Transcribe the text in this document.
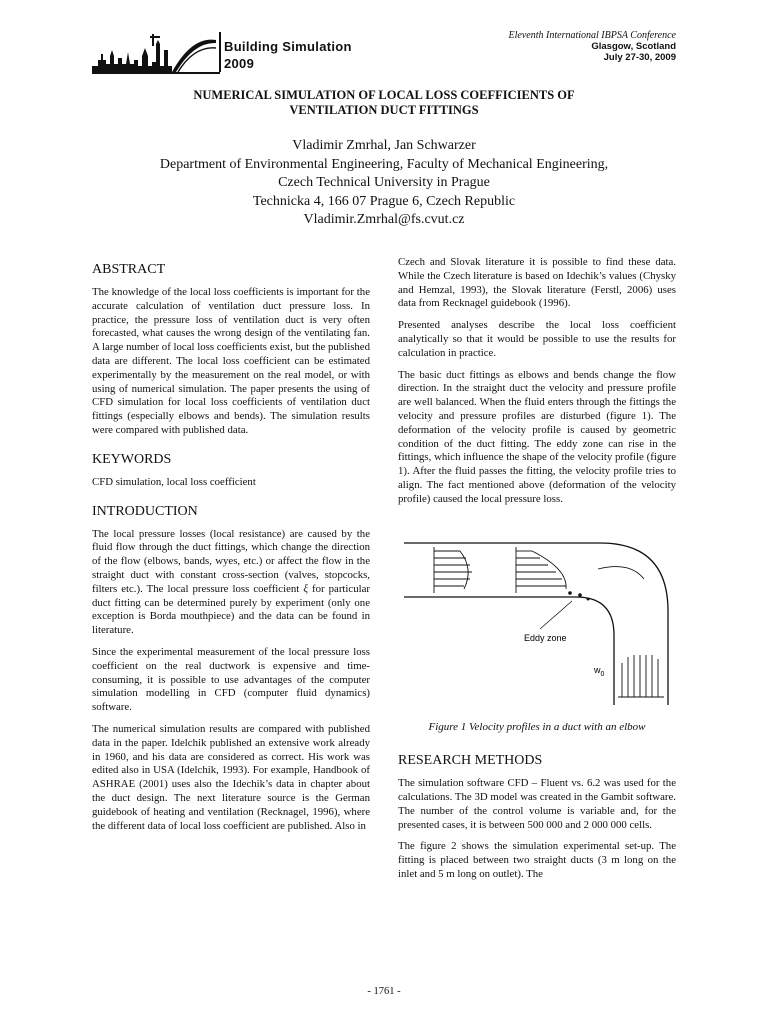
Building Simulation
2009
Eleventh International IBPSA Conference
Glasgow, Scotland
July 27-30, 2009
NUMERICAL SIMULATION OF LOCAL LOSS COEFFICIENTS OF
VENTILATION DUCT FITTINGS
Vladimir Zmrhal, Jan Schwarzer
Department of Environmental Engineering, Faculty of Mechanical Engineering,
Czech Technical University in Prague
Technicka 4, 166 07 Prague 6, Czech Republic
Vladimir.Zmrhal@fs.cvut.cz
ABSTRACT

The knowledge of the local loss coefficients is important for the accurate calculation of ventilation duct pressure loss. In practice, the pressure loss of ventilation duct is very often forecasted, what causes the wrong design of the ventilating fan. A large number of local loss coefficients exist, but the published data are different. The local loss coefficient can be estimated experimentally by the measurement on the real model, or with using of numerical simulation. The paper presents the using of CFD simulation for local loss coefficients of ventilation duct fittings (especially elbows and bends). The simulation results were compared with published data.

KEYWORDS

CFD simulation, local loss coefficient

INTRODUCTION

The local pressure losses (local resistance) are caused by the fluid flow through the duct fittings, which change the direction of the flow (elbows, bands, wyes, etc.) or affect the flow in the straight duct with constant cross-section (valves, stopcocks, filters etc.). The local pressure loss coefficient ξ for particular duct fitting can be determined purely by experiment (only one exception is Borda mouthpiece) and the data can be found in literature.

Since the experimental measurement of the local pressure loss coefficient on the real ductwork is expensive and time-consuming, it is possible to use advantages of the computer simulation modelling in CFD (computer fluid dynamics) software.

The numerical simulation results are compared with published data in the paper. Idelchik published an extensive work already in 1960, and his data are considered as correct. His work was edited also in USA (Idelchik, 1993). For example, Handbook of ASHRAE (2001) uses also the Idechik’s data in chapter about the duct design. The next literature source is the German guidebook of heating and ventilation (Recknagel, 1996), where the different data of local loss coefficient are published. Also in

Czech and Slovak literature it is possible to find these data. While the Czech literature is based on Idechik’s values (Chysky and Hemzal, 1993), the Slovak literature (Ferstl, 2006) uses data from Recknagel guidebook (1996).

Presented analyses describe the local loss coefficient analytically so that it would be possible to use the results for calculation in practice.

The basic duct fittings as elbows and bends change the flow direction. In the straight duct the velocity and pressure profile are well balanced. When the fluid enters through the fittings the velocity and pressure profiles are disturbed (figure 1). The deformation of the velocity profile is caused by geometric condition of the duct fitting. The eddy zone can rise in the fittings, which influence the shape of the velocity profile (figure 1). After the fluid passes the fitting, the velocity profile tries to align. The fact mentioned above (deformation of the velocity profile) caused the local pressure loss.

Eddy zone
$w_0$

Figure 1 Velocity profiles in a duct with an elbow

RESEARCH METHODS

The simulation software CFD – Fluent vs. 6.2 was used for the calculations. The 3D model was created in the Gambit software. The number of the control volume is variable and, for the presented cases, it is between 500 000 and 2 000 000 cells.

The figure 2 shows the simulation experimental set-up. The fitting is placed between two straight ducts (3 m long on the inlet and 5 m long on outlet). The

- 1761 -
